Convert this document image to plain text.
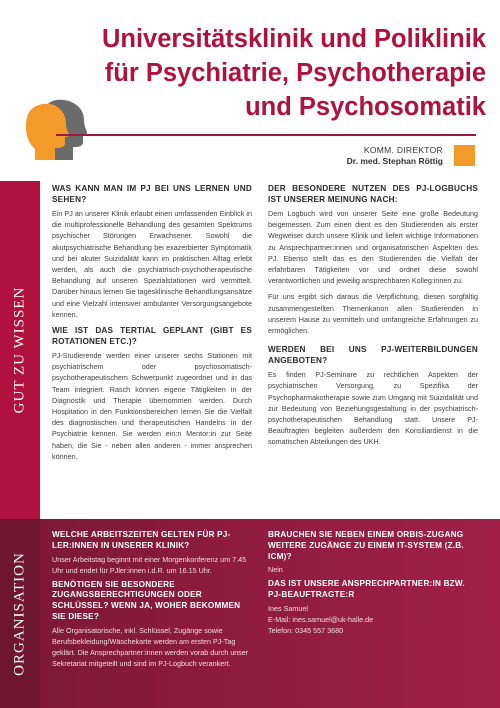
Universitätsklinik und Poliklinik
für Psychiatrie, Psychotherapie
und Psychosomatik
KOMM. DIREKTOR
Dr. med. Stephan Röttig
GUT ZU WISSEN
WAS KANN MAN IM PJ BEI UNS LERNEN UND SEHEN?

Ein PJ an unserer Klinik erlaubt einen umfassenden Einblick in die multiprofessionelle Behandlung des gesamten Spektrums psychischer Störungen Erwachsener. Sowohl die akutpsychiatrische Behandlung bei exazerbierter Symptomatik und bei akuter Suizidalität kann im praktischen Alltag erlebt werden, als auch die psychiatrisch-psychotherapeutische Behandlung auf unseren Spezialstationen wird vermittelt. Darüber hinaus lernen Sie tagesklinische Behandlungsansätze und eine Vielzahl intensiver ambulanter Versorgungsangebote kennen.

WIE IST DAS TERTIAL GEPLANT (GIBT ES ROTATIONEN ETC.)?

PJ-Studierende werden einer unserer sechs Stationen mit psychiatrischem oder psychosomatisch-psychotherapeutischem Schwerpunkt zugeordnet und in das Team integriert. Rasch können eigene Tätigkeiten in der Diagnostik und Therapie übernommen werden. Durch Hospitation in den Funktionsbereichen lernen Sie die Vielfalt des diagnostischen und therapeutischen Handelns in der Psychiatrie kennen. Sie werden ein:n Mentor:in zur Seite haben, die Sie - neben allen anderen - immer ansprechen können.

DER BESONDERE NUTZEN DES PJ-LOGBUCHS IST UNSERER MEINUNG NACH:

Dem Logbuch wird von unserer Seite eine große Bedeutung beigemessen. Zum einen dient es den Studierenden als erster Wegweiser durch unsere Klinik und liefert wichtige Informationen zu Ansprechpartner:innen und organisatorischen Aspekten des PJ. Ebenso stellt das es den Studierenden die Vielfalt der erfahrbaren Tätigkeiten vor und ordnet diese sowohl verantwortlichen und jeweilig ansprechbaren Kolleg:innen zu.

Für uns ergibt sich daraus die Verpflichtung, diesen sorgfältig zusammengestellten Themenkanon allen Studierenden in unserem Hause zu vermitteln und umfangreiche Erfahrungen zu ermöglichen.

WERDEN BEI UNS PJ-WEITERBILDUNGEN ANGEBOTEN?

Es finden PJ-Seminare zu rechtlichen Aspekten der psychiatrischen Versorgung, zu Spezifika der Psychopharmakotherapie sowie zum Umgang mit Suizidalität und zur Bedeutung von Beziehungsgestaltung in der psychiatrisch-psychotherapeutischen Behandlung statt. Unsere PJ-Beauftragten begleiten außerdem den Konsiliardienst in die somatischen Abteilungen des UKH.

ORGANISATION
WELCHE ARBEITSZEITEN GELTEN FÜR PJ-LER:INNEN IN UNSERER KLINIK?

Unser Arbeitstag beginnt mit einer Morgenkonferenz um 7.45 Uhr und endet für PJler:innen i.d.R. um 16.15 Uhr.

BENÖTIGEN SIE BESONDERE ZUGANGSBERECHTIGUNGEN ODER SCHLÜSSEL? WENN JA, WOHER BEKOMMEN SIE DIESE?

Alle Organisatorische, inkl. Schlüssel, Zugänge sowie Berufsbekleidung/Wäschekarte werden am ersten PJ-Tag geklärt. Die Ansprechpartner:innen werden vorab durch unser Sekretariat mitgeteilt und sind im PJ-Logbuch verankert.

BRAUCHEN SIE NEBEN EINEM ORBIS-ZUGANG WEITERE ZUGÄNGE ZU EINEM IT-SYSTEM (Z.B. ICM)?

Nein

DAS IST UNSERE ANSPRECHPARTNER:IN BZW. PJ-BEAUFTRAGTE:R
Ines Samuel
E-Mail: ines.samuel@uk-halle.de
Telefon: 0345 557 3680
